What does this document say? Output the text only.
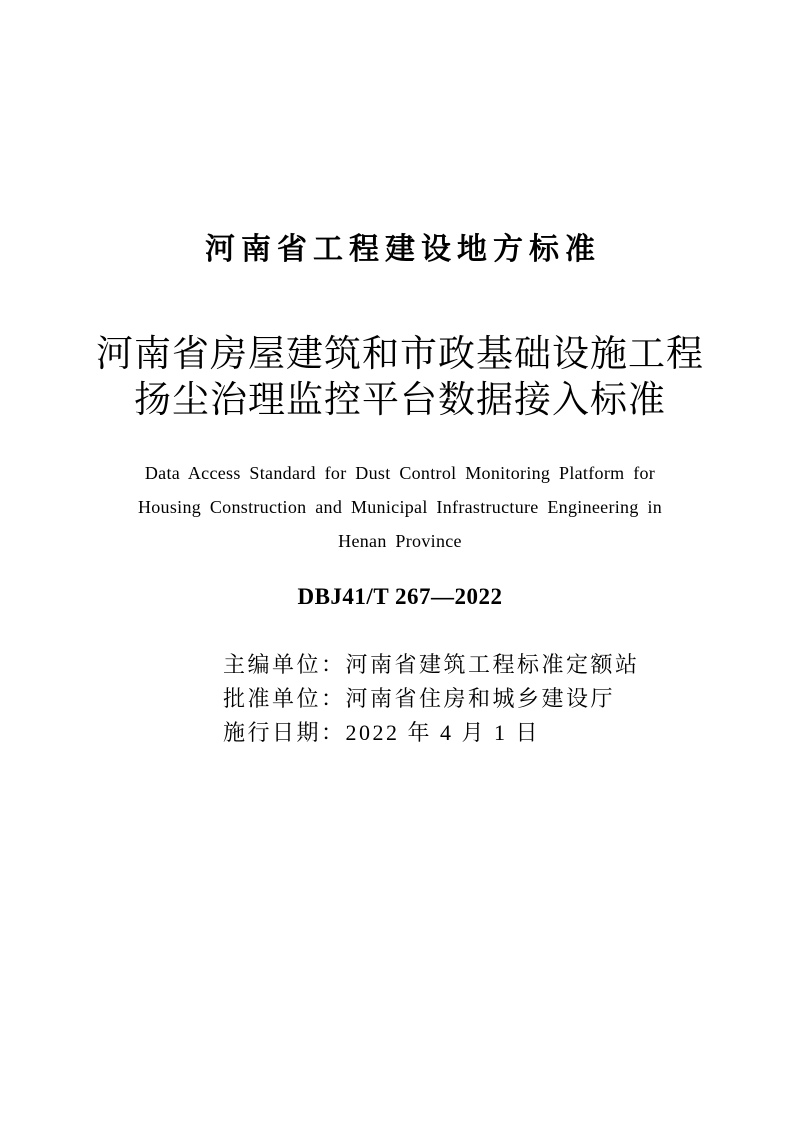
河南省工程建设地方标准
河南省房屋建筑和市政基础设施工程
扬尘治理监控平台数据接入标准
Data Access Standard for Dust Control Monitoring Platform for
Housing Construction and Municipal Infrastructure Engineering in
Henan Province
DBJ41/T 267—2022
主编单位：河南省建筑工程标准定额站
批准单位：河南省住房和城乡建设厅
施行日期：2022 年 4 月 1 日
